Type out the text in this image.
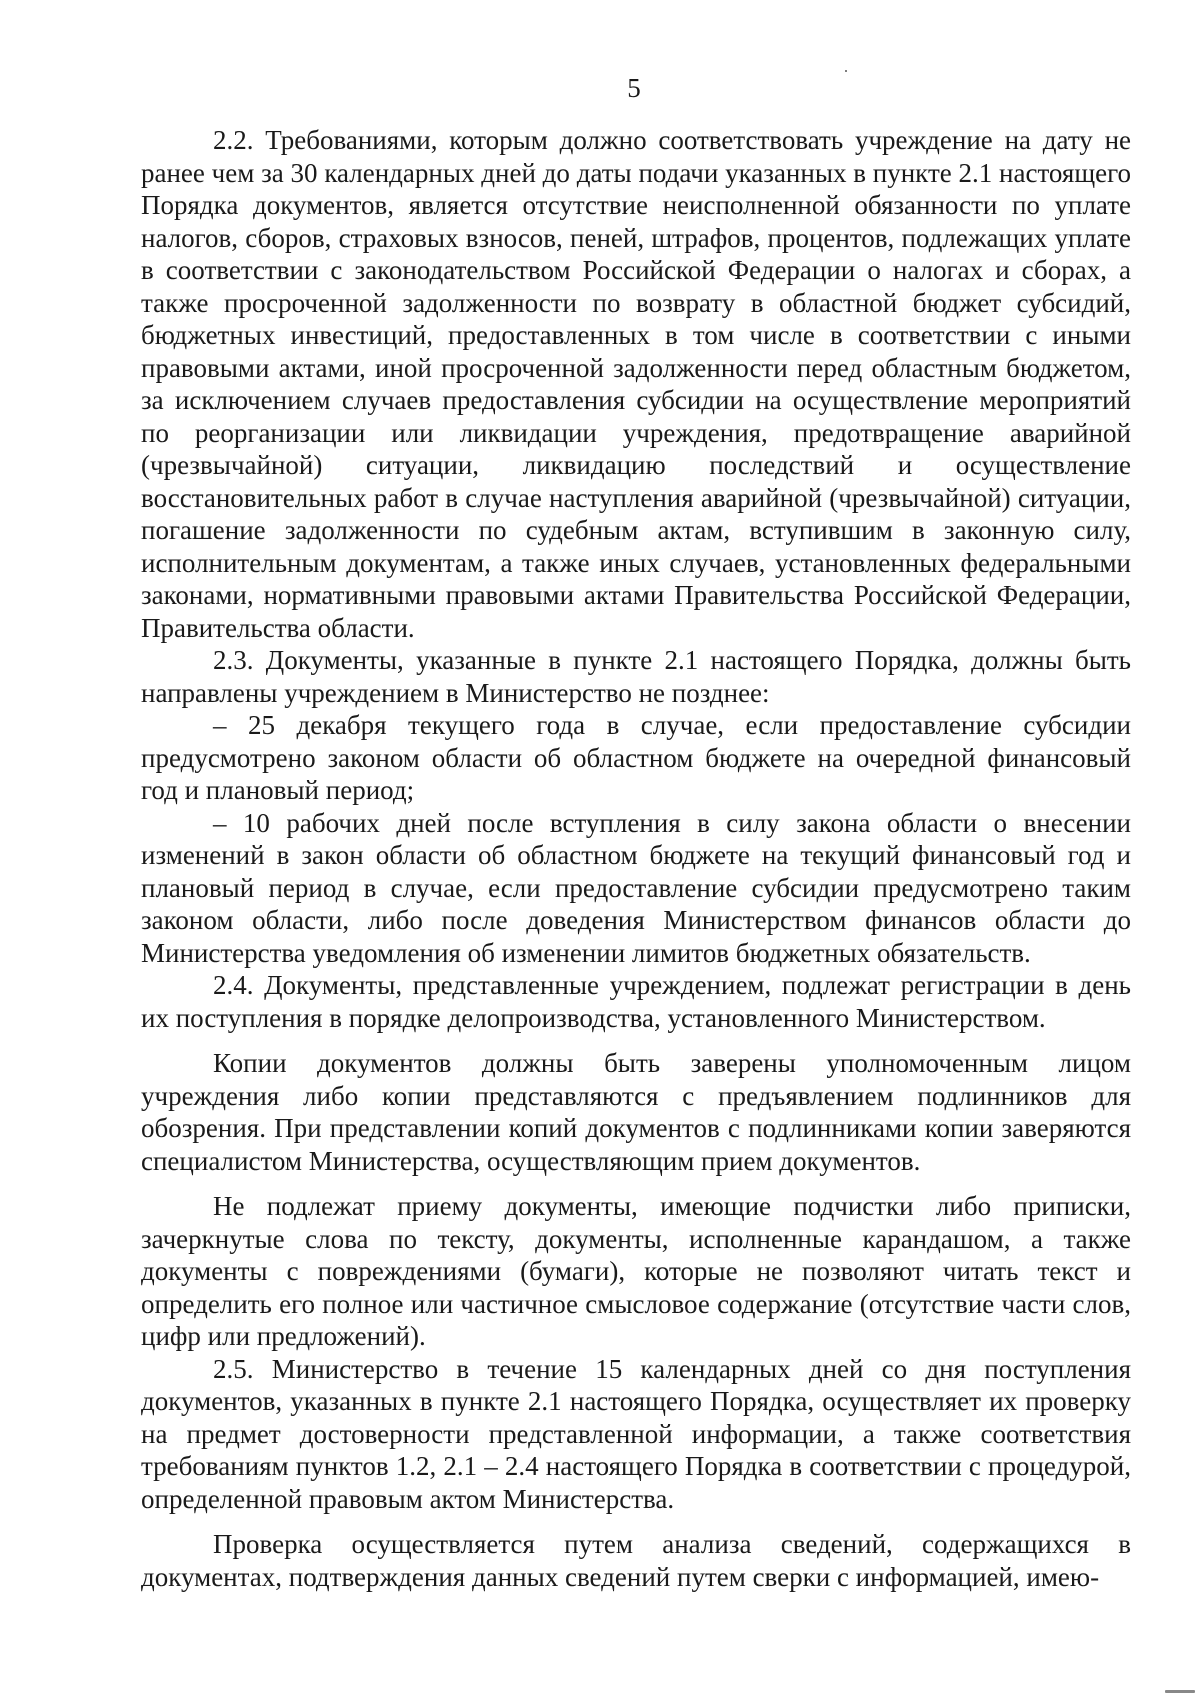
5

2.2. Требованиями, которым должно соответствовать учреждение на дату не ранее чем за 30 календарных дней до даты подачи указанных в пункте 2.1 настоящего Порядка документов, является отсутствие неисполненной обязанности по уплате налогов, сборов, страховых взносов, пеней, штрафов, процентов, подлежащих уплате в соответствии с законодательством Российской Федерации о налогах и сборах, а также просроченной задолженности по возврату в областной бюджет субсидий, бюджетных инвестиций, предоставленных в том числе в соответствии с иными правовыми актами, иной просроченной задолженности перед областным бюджетом, за исключением случаев предоставления субсидии на осуществление мероприятий по реорганизации или ликвидации учреждения, предотвращение аварийной (чрезвычайной) ситуации, ликвидацию последствий и осуществление восстановительных работ в случае наступления аварийной (чрезвычайной) ситуации, погашение задолженности по судебным актам, вступившим в законную силу, исполнительным документам, а также иных случаев, установленных федеральными законами, нормативными правовыми актами Правительства Российской Федерации, Правительства области.

2.3. Документы, указанные в пункте 2.1 настоящего Порядка, должны быть направлены учреждением в Министерство не позднее:

– 25 декабря текущего года в случае, если предоставление субсидии предусмотрено законом области об областном бюджете на очередной финансовый год и плановый период;

– 10 рабочих дней после вступления в силу закона области о внесении изменений в закон области об областном бюджете на текущий финансовый год и плановый период в случае, если предоставление субсидии предусмотрено таким законом области, либо после доведения Министерством финансов области до Министерства уведомления об изменении лимитов бюджетных обязательств.

2.4. Документы, представленные учреждением, подлежат регистрации в день их поступления в порядке делопроизводства, установленного Министерством.

Копии документов должны быть заверены уполномоченным лицом учреждения либо копии представляются с предъявлением подлинников для обозрения. При представлении копий документов с подлинниками копии заверяются специалистом Министерства, осуществляющим прием документов.

Не подлежат приему документы, имеющие подчистки либо приписки, зачеркнутые слова по тексту, документы, исполненные карандашом, а также документы с повреждениями (бумаги), которые не позволяют читать текст и определить его полное или частичное смысловое содержание (отсутствие части слов, цифр или предложений).

2.5. Министерство в течение 15 календарных дней со дня поступления документов, указанных в пункте 2.1 настоящего Порядка, осуществляет их проверку на предмет достоверности представленной информации, а также соответствия требованиям пунктов 1.2, 2.1 – 2.4 настоящего Порядка в соответствии с процедурой, определенной правовым актом Министерства.

Проверка осуществляется путем анализа сведений, содержащихся в документах, подтверждения данных сведений путем сверки с информацией, имею-
